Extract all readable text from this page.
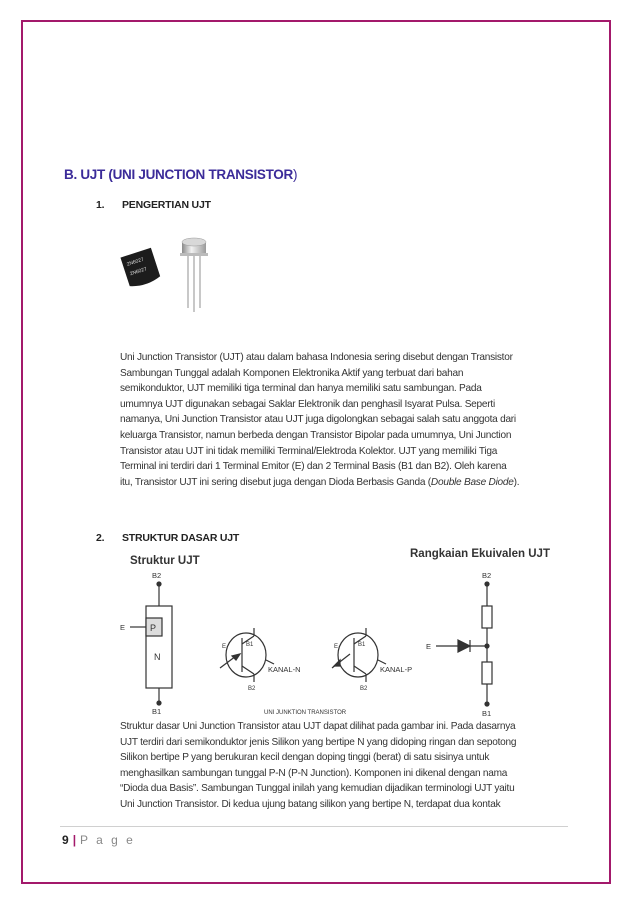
B. UJT (UNI JUNCTION TRANSISTOR)
1. PENGERTIAN UJT
2N6027
2N6027
Uni Junction Transistor (UJT) atau dalam bahasa Indonesia sering disebut dengan Transistor
Sambungan Tunggal adalah Komponen Elektronika Aktif yang terbuat dari bahan
semikonduktor, UJT memiliki tiga terminal dan hanya memiliki satu sambungan. Pada
umumnya UJT digunakan sebagai Saklar Elektronik dan penghasil Isyarat Pulsa. Seperti
namanya, Uni Junction Transistor atau UJT juga digolongkan sebagai salah satu anggota dari
keluarga Transistor, namun berbeda dengan Transistor Bipolar pada umumnya, Uni Junction
Transistor atau UJT ini tidak memiliki Terminal/Elektroda Kolektor. UJT yang memiliki Tiga
Terminal ini terdiri dari 1 Terminal Emitor (E) dan 2 Terminal Basis (B1 dan B2). Oleh karena
itu, Transistor UJT ini sering disebut juga dengan Dioda Berbasis Ganda (Double Base Diode).
2. STRUKTUR DASAR UJT
Struktur UJT
Rangkaian Ekuivalen UJT
B2
E	P
N
B1
B1
E
B2
KANAL-N
B1
E
B2
KANAL-P
UNI JUNKTION TRANSISTOR
B2
E
B1
Struktur dasar Uni Junction Transistor atau UJT dapat dilihat pada gambar ini. Pada dasarnya
UJT terdiri dari semikonduktor jenis Silikon yang bertipe N yang didoping ringan dan sepotong
Silikon bertipe P yang berukuran kecil dengan doping tinggi (berat) di satu sisinya untuk
menghasilkan sambungan tunggal P-N (P-N Junction). Komponen ini dikenal dengan nama
“Dioda dua Basis”. Sambungan Tunggal inilah yang kemudian dijadikan terminologi UJT yaitu
Uni Junction Transistor. Di kedua ujung batang silikon yang bertipe N, terdapat dua kontak
9 | P a g e
